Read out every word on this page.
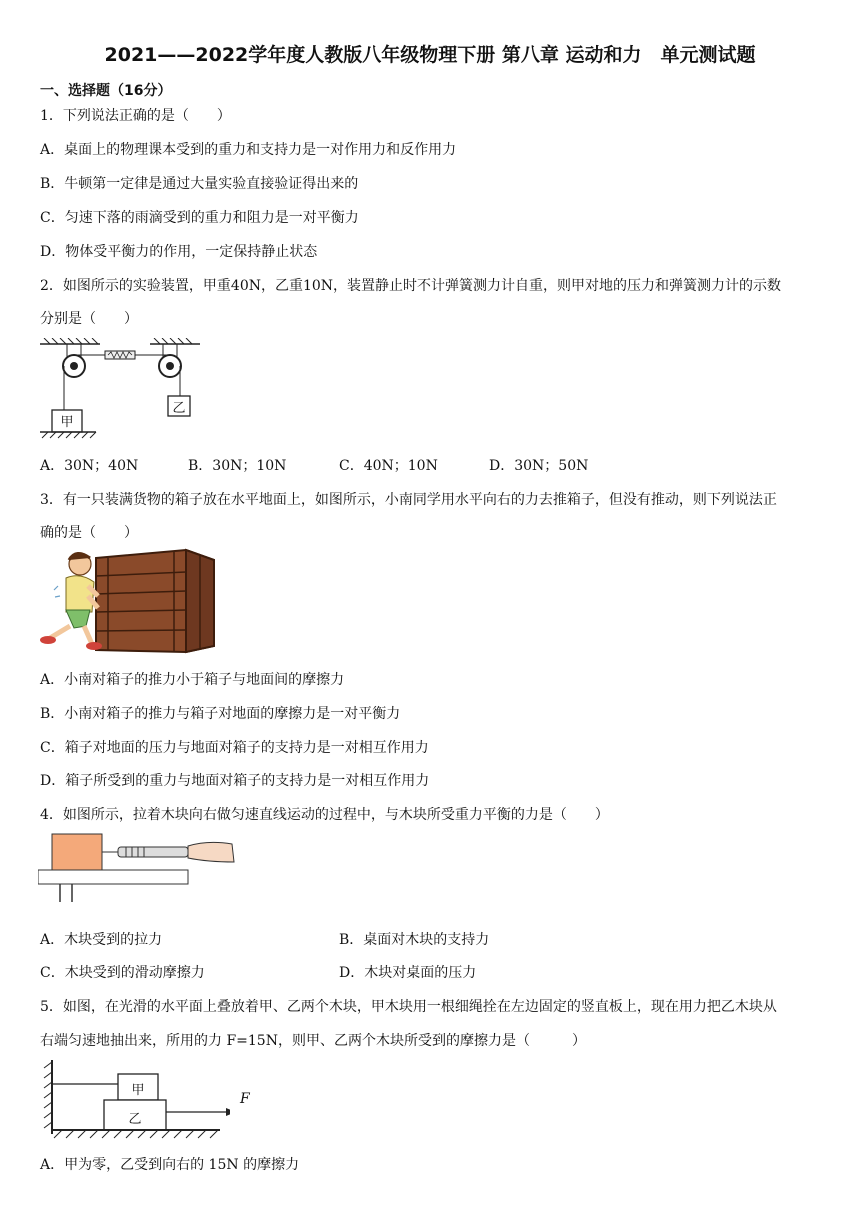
2021——2022学年度人教版八年级物理下册 第八章 运动和力　单元测试题
一、选择题（16分）
1．下列说法正确的是（　　）
A．桌面上的物理课本受到的重力和支持力是一对作用力和反作用力
B．牛顿第一定律是通过大量实验直接验证得出来的
C．匀速下落的雨滴受到的重力和阻力是一对平衡力
D．物体受平衡力的作用，一定保持静止状态
2．如图所示的实验装置，甲重40N，乙重10N，装置静止时不计弹簧测力计自重，则甲对地的压力和弹簧测力计的示数
分别是（　　）
甲
乙
A．30N；40N	B．30N；10N	C．40N；10N	D．30N；50N
3．有一只装满货物的箱子放在水平地面上，如图所示，小南同学用水平向右的力去推箱子，但没有推动，则下列说法正
确的是（　　）
A．小南对箱子的推力小于箱子与地面间的摩擦力
B．小南对箱子的推力与箱子对地面的摩擦力是一对平衡力
C．箱子对地面的压力与地面对箱子的支持力是一对相互作用力
D．箱子所受到的重力与地面对箱子的支持力是一对相互作用力
4．如图所示，拉着木块向右做匀速直线运动的过程中，与木块所受重力平衡的力是（　　）
A．木块受到的拉力	B．桌面对木块的支持力
C．木块受到的滑动摩擦力	D．木块对桌面的压力
5．如图，在光滑的水平面上叠放着甲、乙两个木块，甲木块用一根细绳拴在左边固定的竖直板上，现在用力把乙木块从
右端匀速地抽出来，所用的力 F=15N，则甲、乙两个木块所受到的摩擦力是（　　　）
甲
乙
F
A．甲为零，乙受到向右的 15N 的摩擦力
